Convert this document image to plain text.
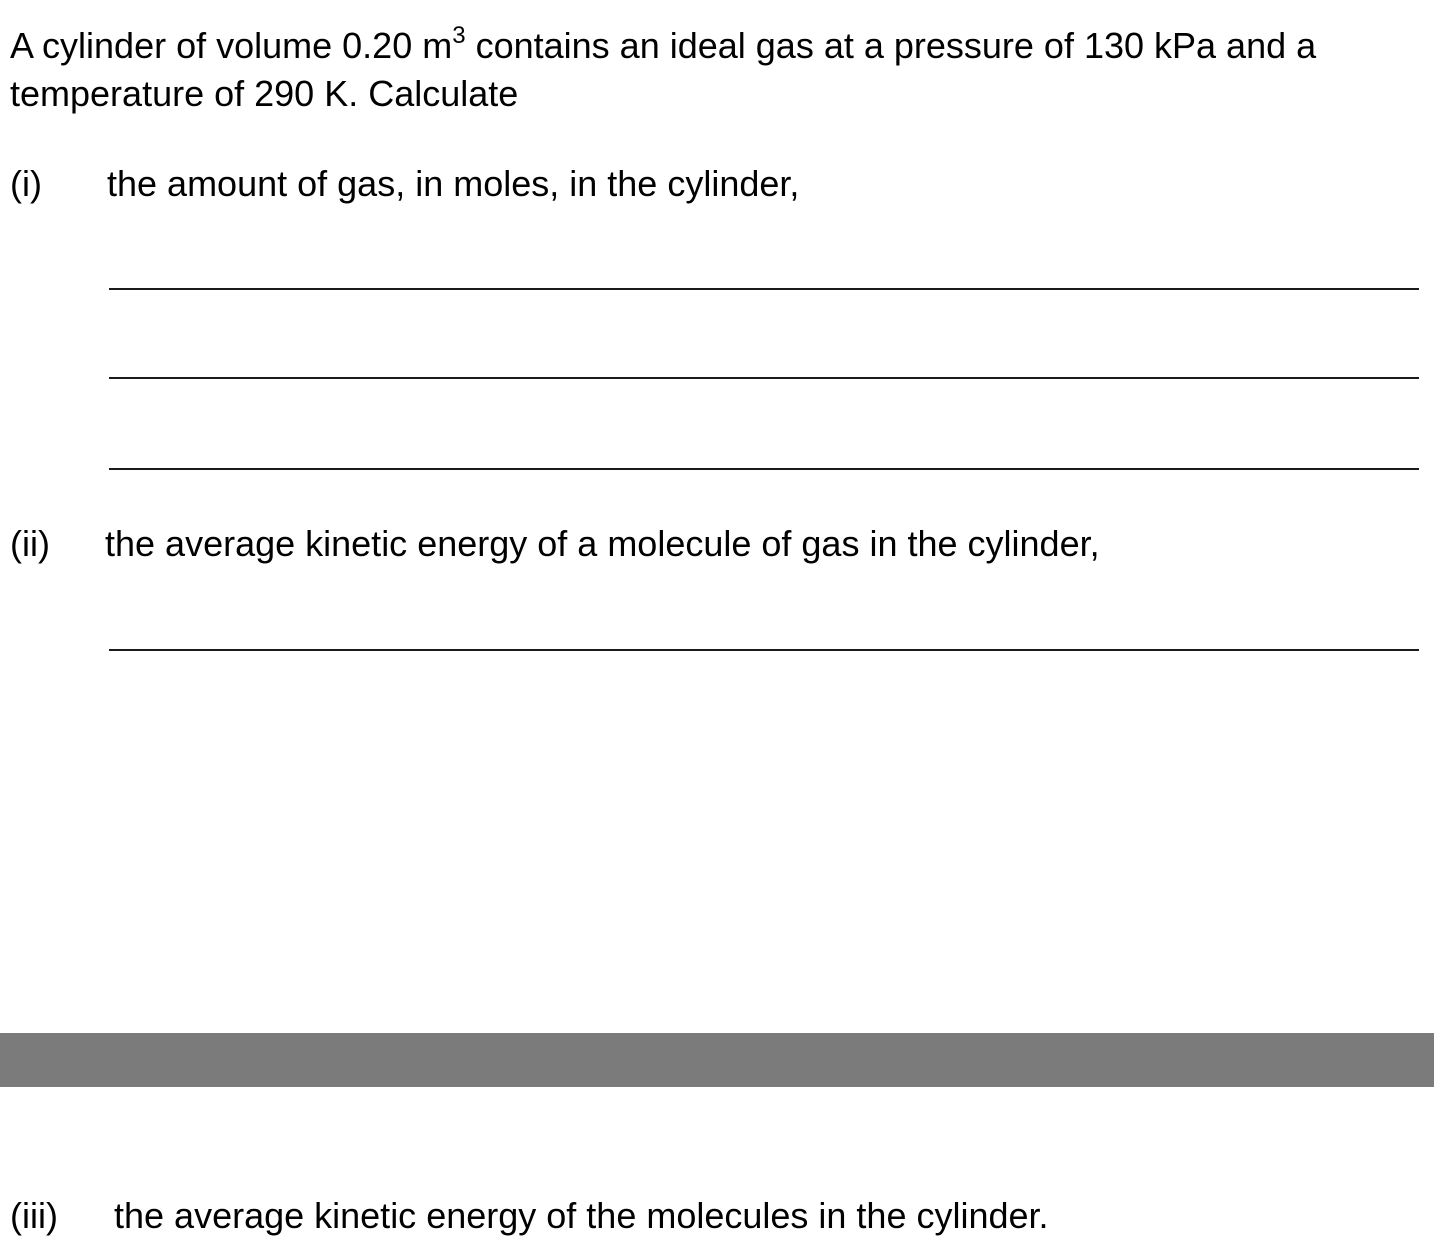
A cylinder of volume 0.20 $m^3$ contains an ideal gas at a pressure of 130 kPa and a temperature of 290 K. Calculate

(i) the amount of gas, in moles, in the cylinder,

(ii) the average kinetic energy of a molecule of gas in the cylinder,

(iii) the average kinetic energy of the molecules in the cylinder.
